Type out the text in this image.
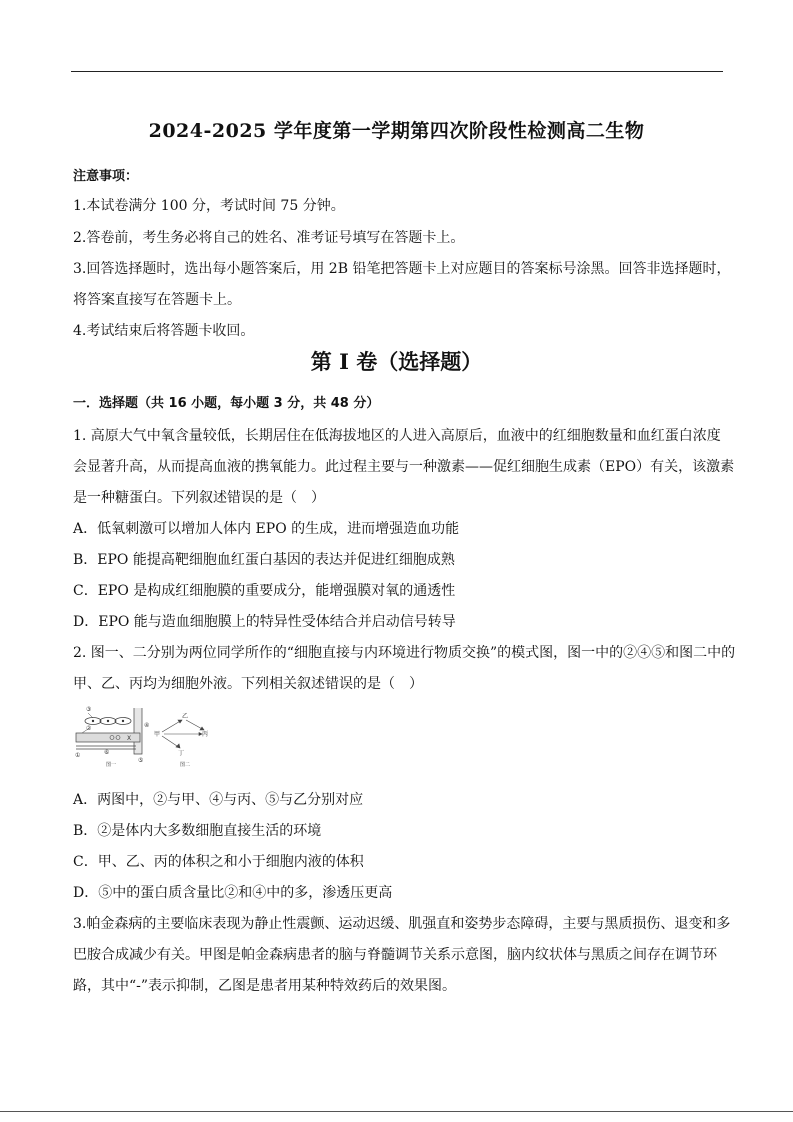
2024-2025 学年度第一学期第四次阶段性检测高二生物
注意事项：
1.本试卷满分 100 分，考试时间 75 分钟。
2.答卷前，考生务必将自己的姓名、准考证号填写在答题卡上。
3.回答选择题时，选出每小题答案后，用 2B 铅笔把答题卡上对应题目的答案标号涂黑。回答非选择题时，
将答案直接写在答题卡上。
4.考试结束后将答题卡收回。
第 I 卷（选择题）
一．选择题（共 16 小题，每小题 3 分，共 48 分）
1. 高原大气中氧含量较低，长期居住在低海拔地区的人进入高原后，血液中的红细胞数量和血红蛋白浓度
会显著升高，从而提高血液的携氧能力。此过程主要与一种激素——促红细胞生成素（EPO）有关，该激素
是一种糖蛋白。下列叙述错误的是（　）
A．低氧刺激可以增加人体内 EPO 的生成，进而增强造血功能
B．EPO 能提高靶细胞血红蛋白基因的表达并促进红细胞成熟
C．EPO 是构成红细胞膜的重要成分，能增强膜对氧的通透性
D．EPO 能与造血细胞膜上的特异性受体结合并启动信号转导
2. 图一、二分别为两位同学所作的“细胞直接与内环境进行物质交换”的模式图，图一中的②④⑤和图二中的
甲、乙、丙均为细胞外液。下列相关叙述错误的是（　）
③
②	④
X
①	⑥
⑤
图一
乙
甲	丙
丁
图二
A．两图中，②与甲、④与丙、⑤与乙分别对应
B．②是体内大多数细胞直接生活的环境
C．甲、乙、丙的体积之和小于细胞内液的体积
D．⑤中的蛋白质含量比②和④中的多，渗透压更高
3.帕金森病的主要临床表现为静止性震颤、运动迟缓、肌强直和姿势步态障碍，主要与黑质损伤、退变和多
巴胺合成减少有关。甲图是帕金森病患者的脑与脊髓调节关系示意图，脑内纹状体与黑质之间存在调节环
路，其中“-”表示抑制，乙图是患者用某种特效药后的效果图。
